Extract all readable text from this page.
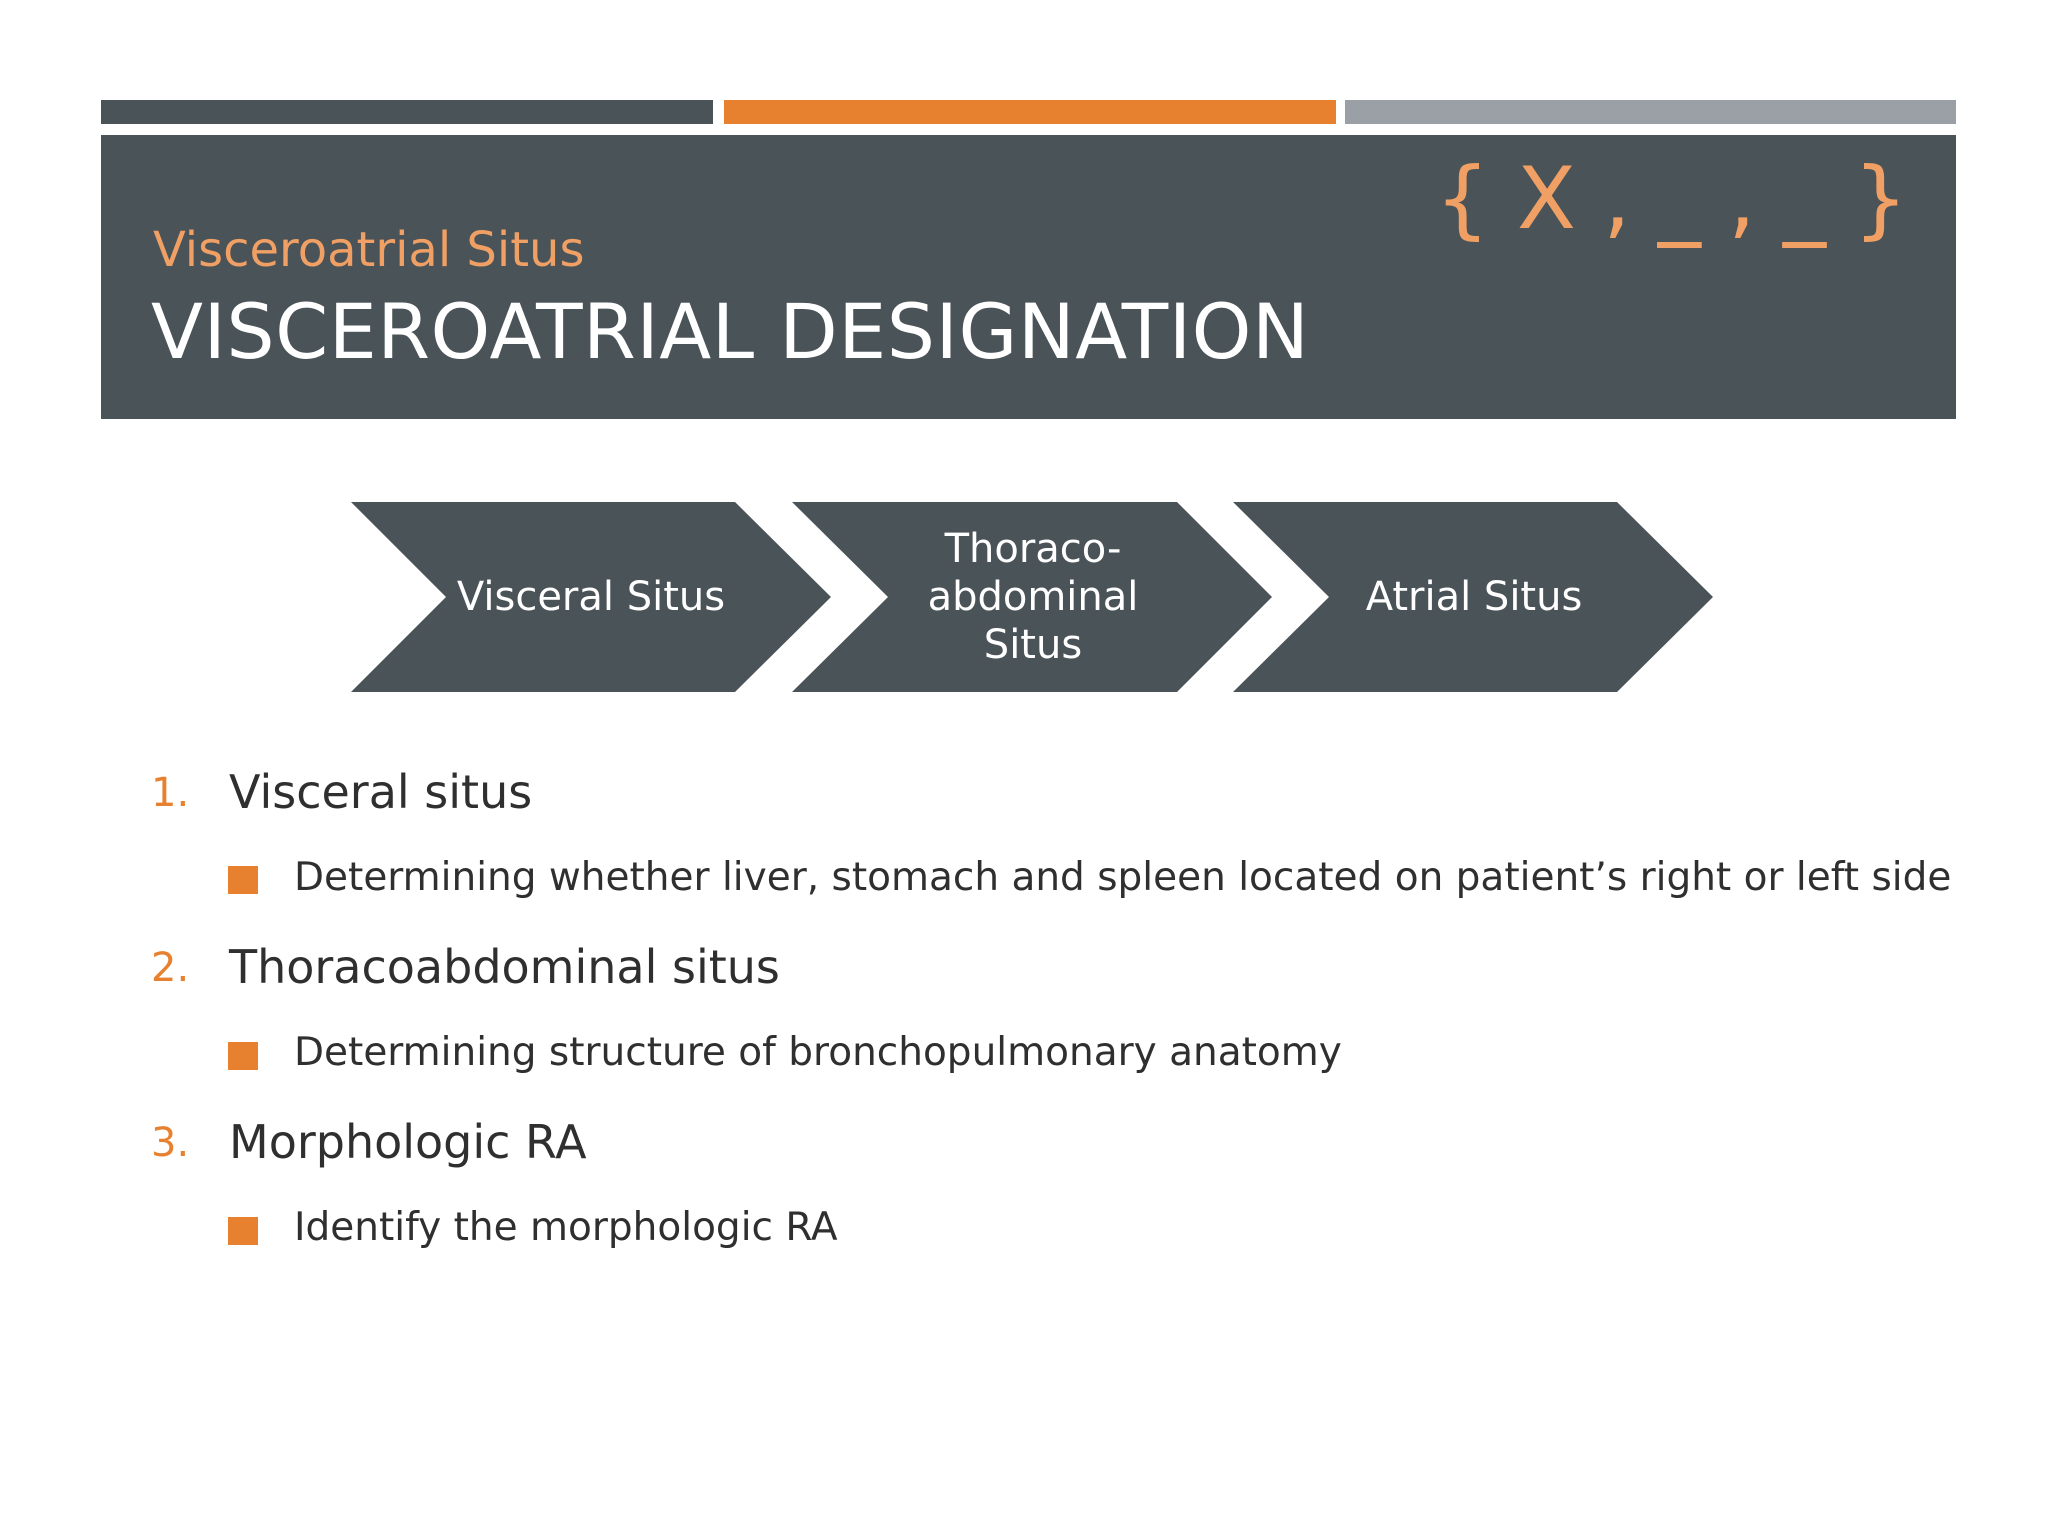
Visceroatrial Situs
VISCEROATRIAL DESIGNATION
{ X , _ , _ }
Visceral Situs
Thoraco-
abdominal
Situs
Atrial Situs
1. Visceral situs
Determining whether liver, stomach and spleen located on patient’s right or left side
2. Thoracoabdominal situs
Determining structure of bronchopulmonary anatomy
3. Morphologic RA
Identify the morphologic RA
